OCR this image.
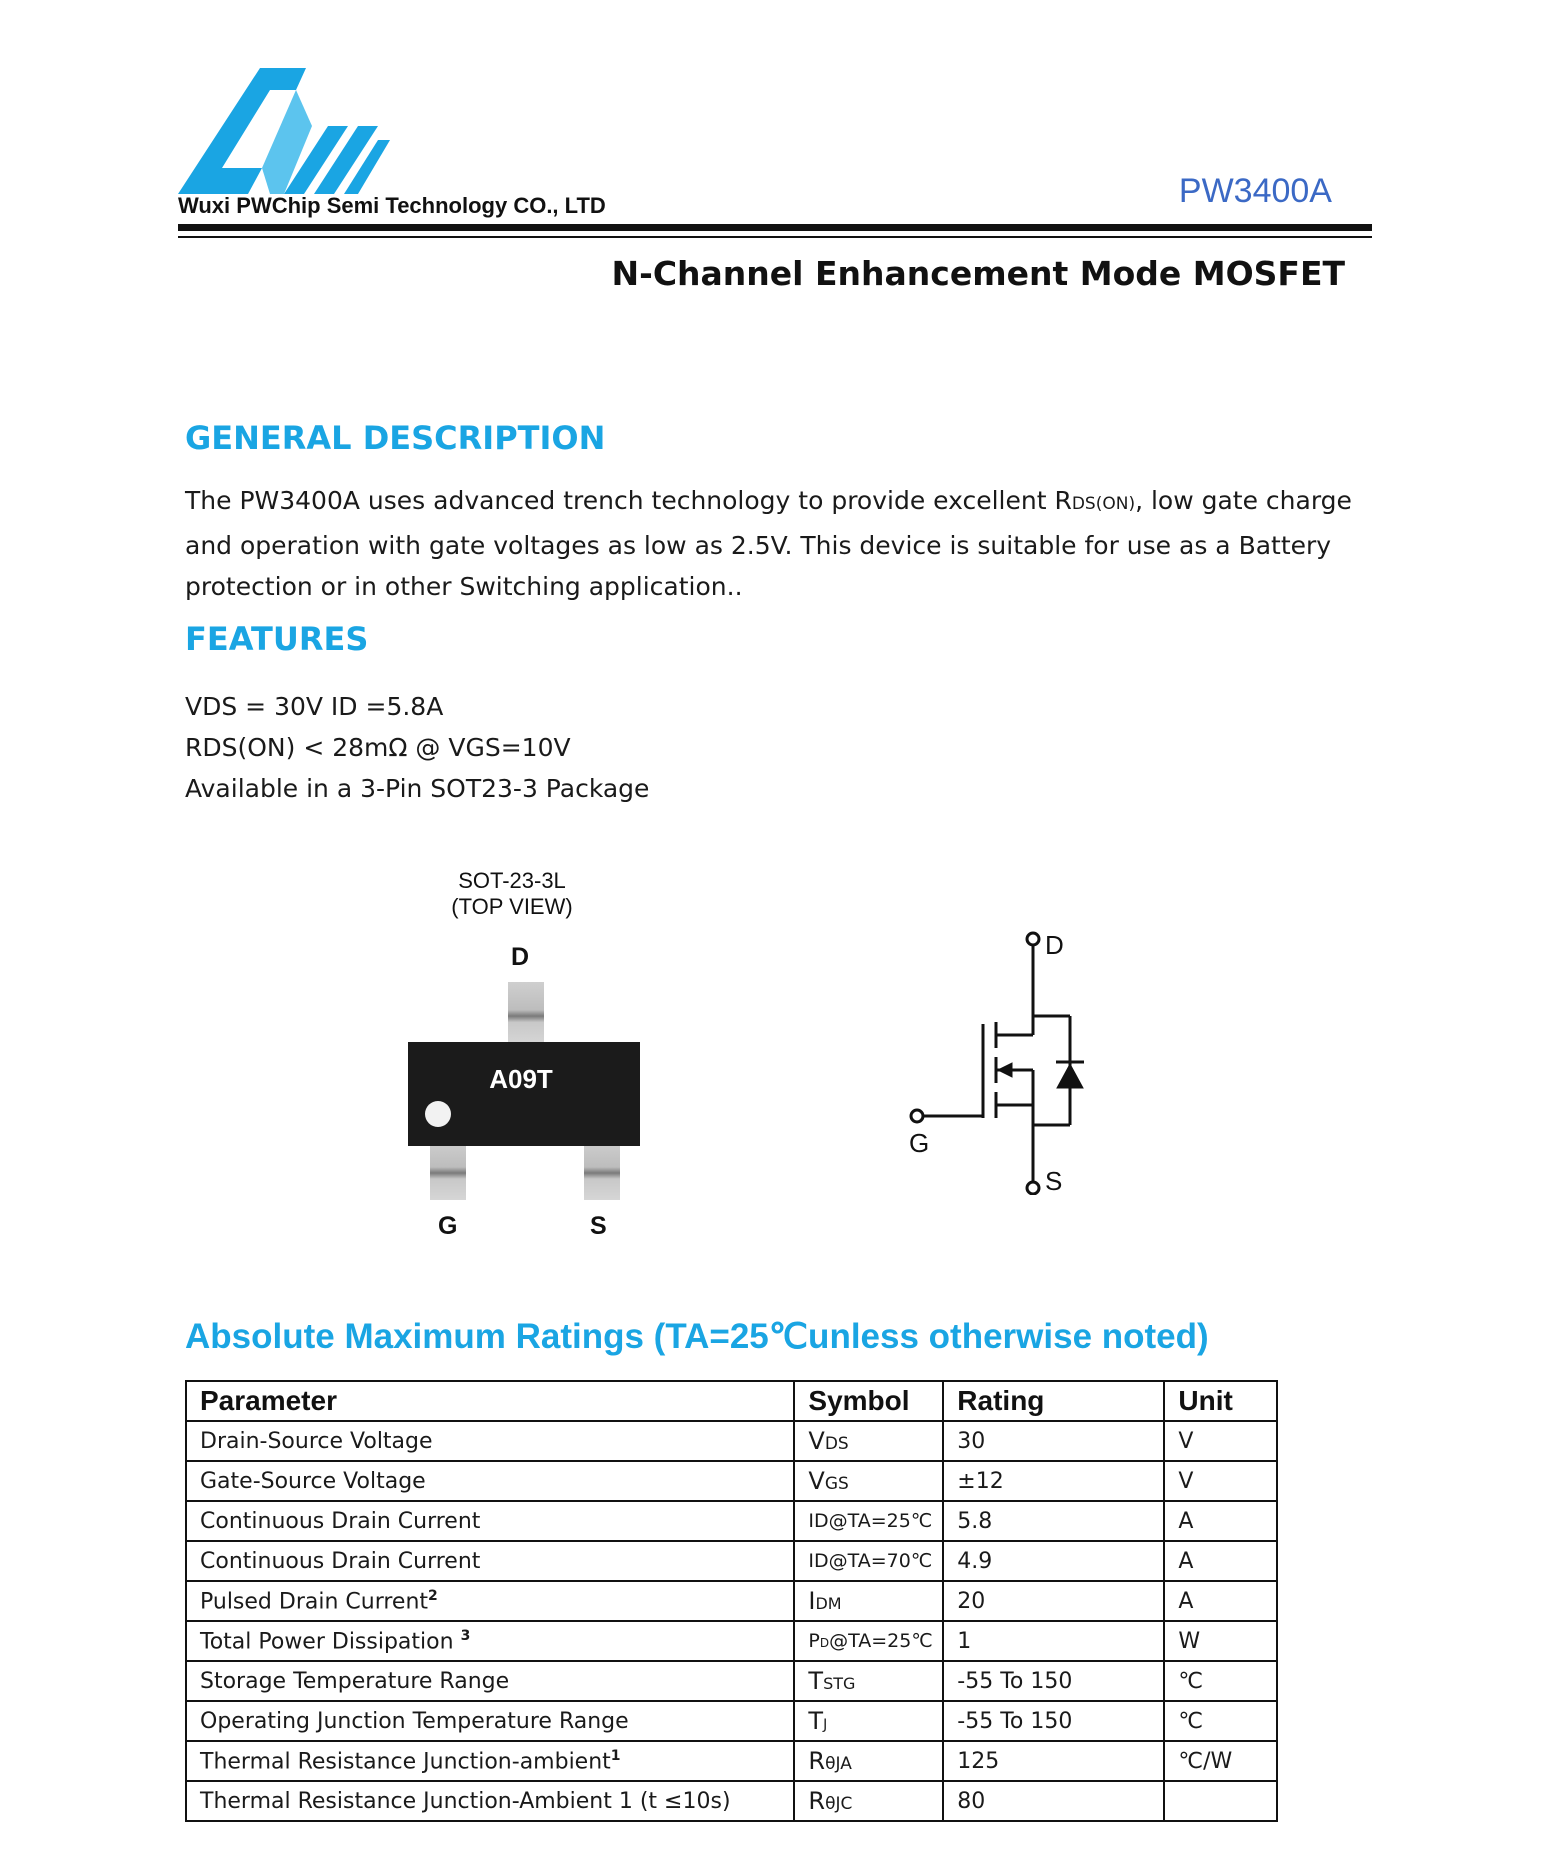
Wuxi PWChip Semi Technology CO., LTD	PW3400A
N-Channel Enhancement Mode MOSFET
GENERAL DESCRIPTION
The PW3400A uses advanced trench technology to provide excellent RDS(ON), low gate charge and operation with gate voltages as low as 2.5V. This device is suitable for use as a Battery protection or in other Switching application..
FEATURES
VDS = 30V ID =5.8A
RDS(ON) < 28mΩ @ VGS=10V
Available in a 3-Pin SOT23-3 Package
SOT-23-3L
(TOP VIEW)
D
A09T
G	S
D
G
S
Absolute Maximum Ratings (TA=25℃unless otherwise noted)
Parameter	Symbol	Rating	Unit
Drain-Source Voltage	VDS	30	V
Gate-Source Voltage	VGS	±12	V
Continuous Drain Current	ID@TA=25℃	5.8	A
Continuous Drain Current	ID@TA=70℃	4.9	A
Pulsed Drain Current$^2$	IDM	20	A
Total Power Dissipation $^3$	PD@TA=25℃	1	W
Storage Temperature Range	TSTG	-55 To 150	℃
Operating Junction Temperature Range	TJ	-55 To 150	℃
Thermal Resistance Junction-ambient$^1$	RθJA	125	℃/W
Thermal Resistance Junction-Ambient 1 (t ≤10s)	RθJC	80	
